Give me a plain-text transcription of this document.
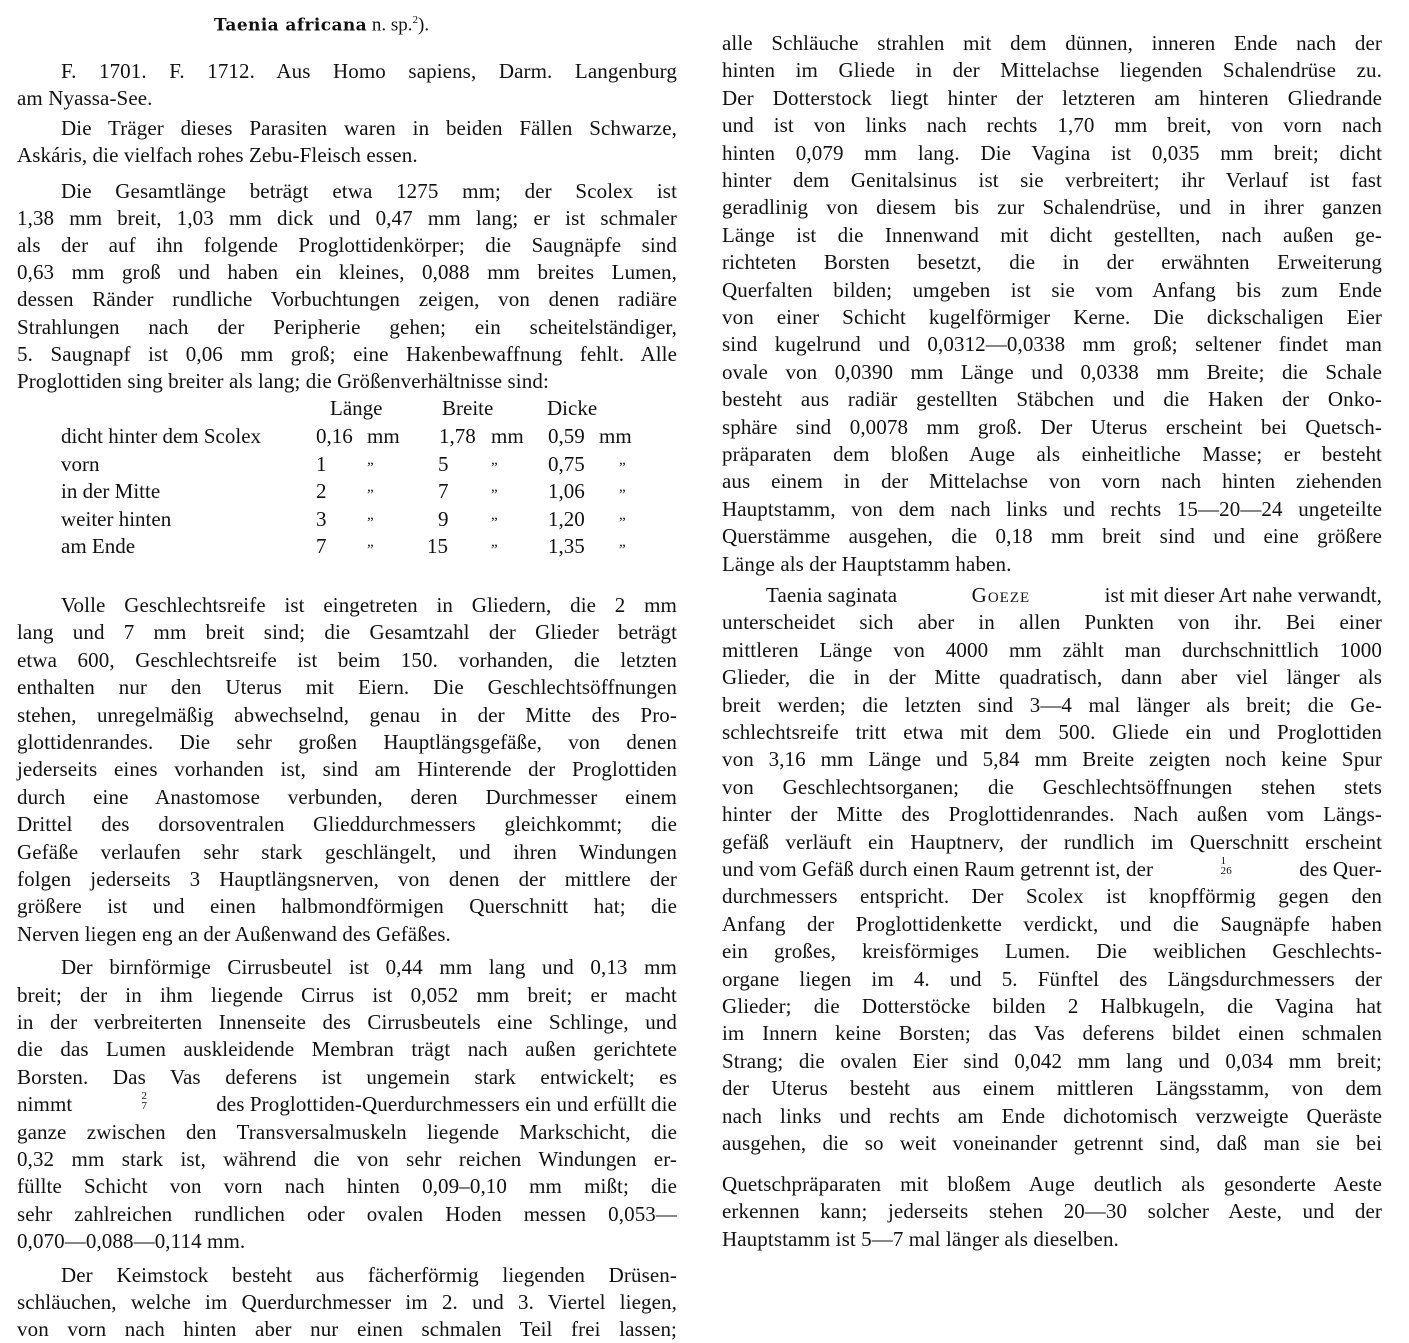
Taenia africana n. sp.$^2$).
F. 1701. F. 1712. Aus Homo sapiens, Darm. Langenburg
am Nyassa-See.
Die Träger dieses Parasiten waren in beiden Fällen Schwarze,
Askáris, die vielfach rohes Zebu-Fleisch essen.
Die Gesamtlänge beträgt etwa 1275 mm; der Scolex ist
1,38 mm breit, 1,03 mm dick und 0,47 mm lang; er ist schmaler
als der auf ihn folgende Proglottidenkörper; die Saugnäpfe sind
0,63 mm groß und haben ein kleines, 0,088 mm breites Lumen,
dessen Ränder rundliche Vorbuchtungen zeigen, von denen radiäre
Strahlungen nach der Peripherie gehen; ein scheitelständiger,
5. Saugnapf ist 0,06 mm groß; eine Hakenbewaffnung fehlt. Alle
Proglottiden sing breiter als lang; die Größenverhältnisse sind:
Länge	Breite	Dicke
dicht hinter dem Scolex	0,16 mm 1,78 mm 0,59 mm
vorn	1	„	5	„ 0,75 „
in der Mitte	2	„	7	„ 1,06 „
weiter hinten	3	„	9	„ 1,20 „
am Ende	7	„	15	„ 1,35 „
Volle Geschlechtsreife ist eingetreten in Gliedern, die 2 mm
lang und 7 mm breit sind; die Gesamtzahl der Glieder beträgt
etwa 600, Geschlechtsreife ist beim 150. vorhanden, die letzten
enthalten nur den Uterus mit Eiern. Die Geschlechtsöffnungen
stehen, unregelmäßig abwechselnd, genau in der Mitte des Pro-
glottidenrandes. Die sehr großen Hauptlängsgefäße, von denen
jederseits eines vorhanden ist, sind am Hinterende der Proglottiden
durch eine Anastomose verbunden, deren Durchmesser einem
Drittel des dorsoventralen Glieddurchmessers gleichkommt; die
Gefäße verlaufen sehr stark geschlängelt, und ihren Windungen
folgen jederseits 3 Hauptlängsnerven, von denen der mittlere der
größere ist und einen halbmondförmigen Querschnitt hat; die
Nerven liegen eng an der Außenwand des Gefäßes.
Der birnförmige Cirrusbeutel ist 0,44 mm lang und 0,13 mm
breit; der in ihm liegende Cirrus ist 0,052 mm breit; er macht
in der verbreiterten Innenseite des Cirrusbeutels eine Schlinge, und
die das Lumen auskleidende Membran trägt nach außen gerichtete
Borsten. Das Vas deferens ist ungemein stark entwickelt; es
nimmt	2
7	des Proglottiden-Querdurchmessers ein und erfüllt die
ganze zwischen den Transversalmuskeln liegende Markschicht, die
0,32 mm stark ist, während die von sehr reichen Windungen er-
füllte Schicht von vorn nach hinten 0,09–0,10 mm mißt; die
sehr zahlreichen rundlichen oder ovalen Hoden messen 0,053—
0,070—0,088—0,114 mm.
Der Keimstock besteht aus fächerförmig liegenden Drüsen-
schläuchen, welche im Querdurchmesser im 2. und 3. Viertel liegen,
von vorn nach hinten aber nur einen schmalen Teil frei lassen;
alle Schläuche strahlen mit dem dünnen, inneren Ende nach der
hinten im Gliede in der Mittelachse liegenden Schalendrüse zu.
Der Dotterstock liegt hinter der letzteren am hinteren Gliedrande
und ist von links nach rechts 1,70 mm breit, von vorn nach
hinten 0,079 mm lang. Die Vagina ist 0,035 mm breit; dicht
hinter dem Genitalsinus ist sie verbreitert; ihr Verlauf ist fast
geradlinig von diesem bis zur Schalendrüse, und in ihrer ganzen
Länge ist die Innenwand mit dicht gestellten, nach außen ge-
richteten Borsten besetzt, die in der erwähnten Erweiterung
Querfalten bilden; umgeben ist sie vom Anfang bis zum Ende
von einer Schicht kugelförmiger Kerne. Die dickschaligen Eier
sind kugelrund und 0,0312—0,0338 mm groß; seltener findet man
ovale von 0,0390 mm Länge und 0,0338 mm Breite; die Schale
besteht aus radiär gestellten Stäbchen und die Haken der Onko-
sphäre sind 0,0078 mm groß. Der Uterus erscheint bei Quetsch-
präparaten dem bloßen Auge als einheitliche Masse; er besteht
aus einem in der Mittelachse von vorn nach hinten ziehenden
Hauptstamm, von dem nach links und rechts 15—20—24 ungeteilte
Querstämme ausgehen, die 0,18 mm breit sind und eine größere
Länge als der Hauptstamm haben.
Taenia saginata	Goeze	ist mit dieser Art nahe verwandt,
unterscheidet sich aber in allen Punkten von ihr. Bei einer
mittleren Länge von 4000 mm zählt man durchschnittlich 1000
Glieder, die in der Mitte quadratisch, dann aber viel länger als
breit werden; die letzten sind 3—4 mal länger als breit; die Ge-
schlechtsreife tritt etwa mit dem 500. Gliede ein und Proglottiden
von 3,16 mm Länge und 5,84 mm Breite zeigten noch keine Spur
von Geschlechtsorganen; die Geschlechtsöffnungen stehen stets
hinter der Mitte des Proglottidenrandes. Nach außen vom Längs-
gefäß verläuft ein Hauptnerv, der rundlich im Querschnitt erscheint
und vom Gefäß durch einen Raum getrennt ist, der	1
26	des Quer-
durchmessers entspricht. Der Scolex ist knopfförmig gegen den
Anfang der Proglottidenkette verdickt, und die Saugnäpfe haben
ein großes, kreisförmiges Lumen. Die weiblichen Geschlechts-
organe liegen im 4. und 5. Fünftel des Längsdurchmessers der
Glieder; die Dotterstöcke bilden 2 Halbkugeln, die Vagina hat
im Innern keine Borsten; das Vas deferens bildet einen schmalen
Strang; die ovalen Eier sind 0,042 mm lang und 0,034 mm breit;
der Uterus besteht aus einem mittleren Längsstamm, von dem
nach links und rechts am Ende dichotomisch verzweigte Queräste
ausgehen, die so weit voneinander getrennt sind, daß man sie bei
Quetschpräparaten mit bloßem Auge deutlich als gesonderte Aeste
erkennen kann; jederseits stehen 20—30 solcher Aeste, und der
Hauptstamm ist 5—7 mal länger als dieselben.
